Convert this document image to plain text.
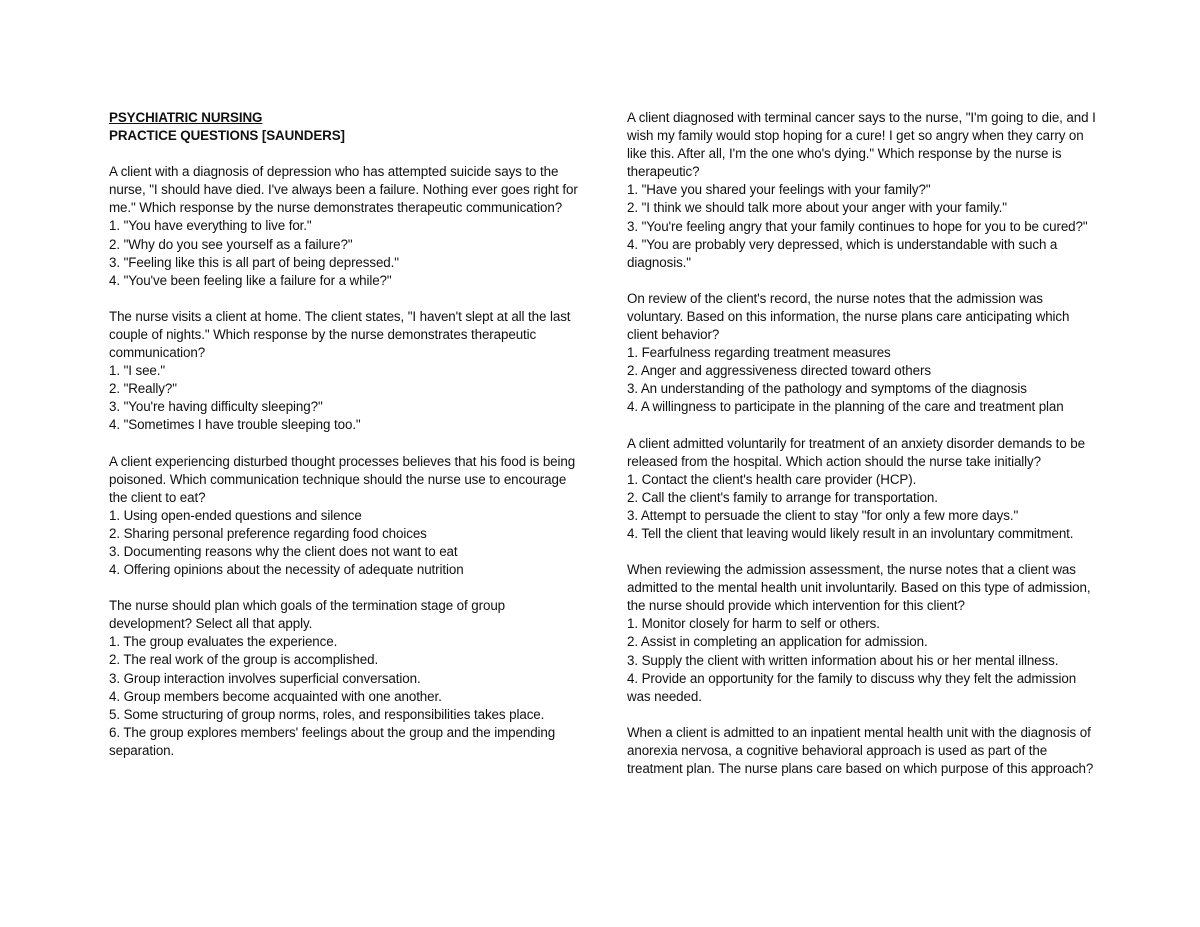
PSYCHIATRIC NURSING

PRACTICE QUESTIONS [SAUNDERS]

A client with a diagnosis of depression who has attempted suicide says to the nurse, "I should have died. I've always been a failure. Nothing ever goes right for me." Which response by the nurse demonstrates therapeutic communication?

1. "You have everything to live for."
2. "Why do you see yourself as a failure?"
3. "Feeling like this is all part of being depressed."
4. "You've been feeling like a failure for a while?"

The nurse visits a client at home. The client states, "I haven't slept at all the last couple of nights." Which response by the nurse demonstrates therapeutic communication?

1. "I see."
2. "Really?"
3. "You're having difficulty sleeping?"
4. "Sometimes I have trouble sleeping too."

A client experiencing disturbed thought processes believes that his food is being poisoned. Which communication technique should the nurse use to encourage the client to eat?

1. Using open-ended questions and silence
2. Sharing personal preference regarding food choices
3. Documenting reasons why the client does not want to eat
4. Offering opinions about the necessity of adequate nutrition

The nurse should plan which goals of the termination stage of group development? Select all that apply.

1. The group evaluates the experience.
2. The real work of the group is accomplished.
3. Group interaction involves superficial conversation.
4. Group members become acquainted with one another.
5. Some structuring of group norms, roles, and responsibilities takes place.
6. The group explores members' feelings about the group and the impending separation.

A client diagnosed with terminal cancer says to the nurse, "I'm going to die, and I wish my family would stop hoping for a cure! I get so angry when they carry on like this. After all, I'm the one who's dying." Which response by the nurse is therapeutic?

1. "Have you shared your feelings with your family?"
2. "I think we should talk more about your anger with your family."
3. "You're feeling angry that your family continues to hope for you to be cured?"
4. "You are probably very depressed, which is understandable with such a diagnosis."

On review of the client's record, the nurse notes that the admission was voluntary. Based on this information, the nurse plans care anticipating which client behavior?

1. Fearfulness regarding treatment measures
2. Anger and aggressiveness directed toward others
3. An understanding of the pathology and symptoms of the diagnosis
4. A willingness to participate in the planning of the care and treatment plan

A client admitted voluntarily for treatment of an anxiety disorder demands to be released from the hospital. Which action should the nurse take initially?

1. Contact the client's health care provider (HCP).
2. Call the client's family to arrange for transportation.
3. Attempt to persuade the client to stay "for only a few more days."
4. Tell the client that leaving would likely result in an involuntary commitment.

When reviewing the admission assessment, the nurse notes that a client was admitted to the mental health unit involuntarily. Based on this type of admission, the nurse should provide which intervention for this client?

1. Monitor closely for harm to self or others.
2. Assist in completing an application for admission.
3. Supply the client with written information about his or her mental illness.
4. Provide an opportunity for the family to discuss why they felt the admission was needed.

When a client is admitted to an inpatient mental health unit with the diagnosis of anorexia nervosa, a cognitive behavioral approach is used as part of the treatment plan. The nurse plans care based on which purpose of this approach?
